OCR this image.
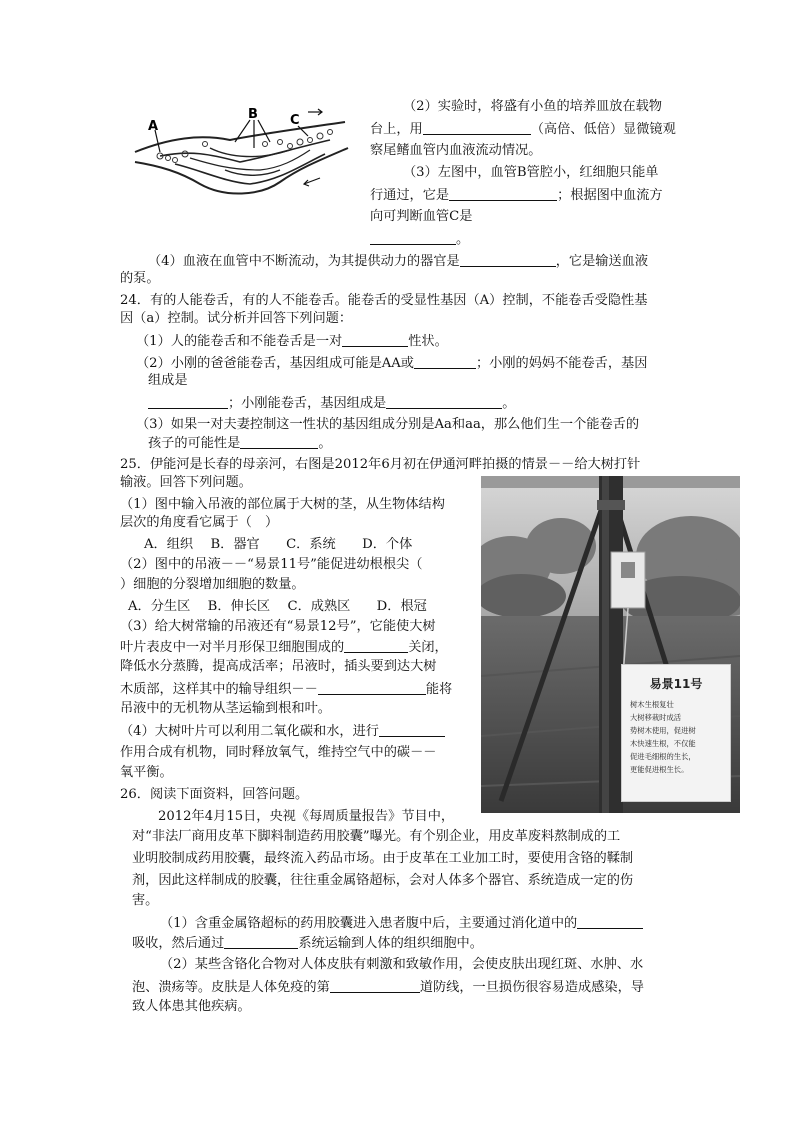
A
B C
（2）实验时，将盛有小鱼的培养皿放在载物
台上，用	（高倍、低倍）显微镜观
察尾鳍血管内血液流动情况。
（3）左图中，血管B管腔小，红细胞只能单
行通过，它是	；根据图中血流方
向可判断血管C是
。
（4）血液在血管中不断流动，为其提供动力的器官是	，它是输送血液
的泵。
24．有的人能卷舌，有的人不能卷舌。能卷舌的受显性基因（A）控制，不能卷舌受隐性基
因（a）控制。试分析并回答下列问题：
（1）人的能卷舌和不能卷舌是一对	性状。
（2）小刚的爸爸能卷舌，基因组成可能是AA或	；小刚的妈妈不能卷舌，基因
组成是
；小刚能卷舌，基因组成是	。
（3）如果一对夫妻控制这一性状的基因组成分别是Aa和aa，那么他们生一个能卷舌的
孩子的可能性是	。
25．伊能河是长春的母亲河，右图是2012年6月初在伊通河畔拍摄的情景－－给大树打针
输液。回答下列问题。
（1）图中输入吊液的部位属于大树的茎，从生物体结构
层次的角度看它属于（　）
A．组织　 B．器官　　C．系统　　D．个体
（2）图中的吊液－－“易景11号”能促进幼根根尖（
）细胞的分裂增加细胞的数量。
A．分生区　 B．伸长区　 C．成熟区　　D．根冠
（3）给大树常输的吊液还有“易景12号”，它能使大树
叶片表皮中一对半月形保卫细胞围成的	关闭，
降低水分蒸腾，提高成活率；吊液时，插头要到达大树
木质部，这样其中的输导组织－－	能将
吊液中的无机物从茎运输到根和叶。
（4）大树叶片可以利用二氧化碳和水，进行
作用合成有机物，同时释放氧气，维持空气中的碳－－
氧平衡。
易景11号
树木生根复壮
大树移栽时成活
势树木使用，促进树
木快速生根，不仅能
促进毛细根的生长，
更能促进根生长。
26．阅读下面资料，回答问题。
2012年4月15日，央视《每周质量报告》节目中，
对“非法厂商用皮革下脚料制造药用胶囊”曝光。有个别企业，用皮革废料熬制成的工
业明胶制成药用胶囊，最终流入药品市场。由于皮革在工业加工时，要使用含铬的鞣制
剂，因此这样制成的胶囊，往往重金属铬超标，会对人体多个器官、系统造成一定的伤
害。
（1）含重金属铬超标的药用胶囊进入患者腹中后，主要通过消化道中的
吸收，然后通过	系统运输到人体的组织细胞中。
（2）某些含铬化合物对人体皮肤有刺激和致敏作用，会使皮肤出现红斑、水肿、水
泡、溃疡等。皮肤是人体免疫的第	道防线，一旦损伤很容易造成感染，导
致人体患其他疾病。
